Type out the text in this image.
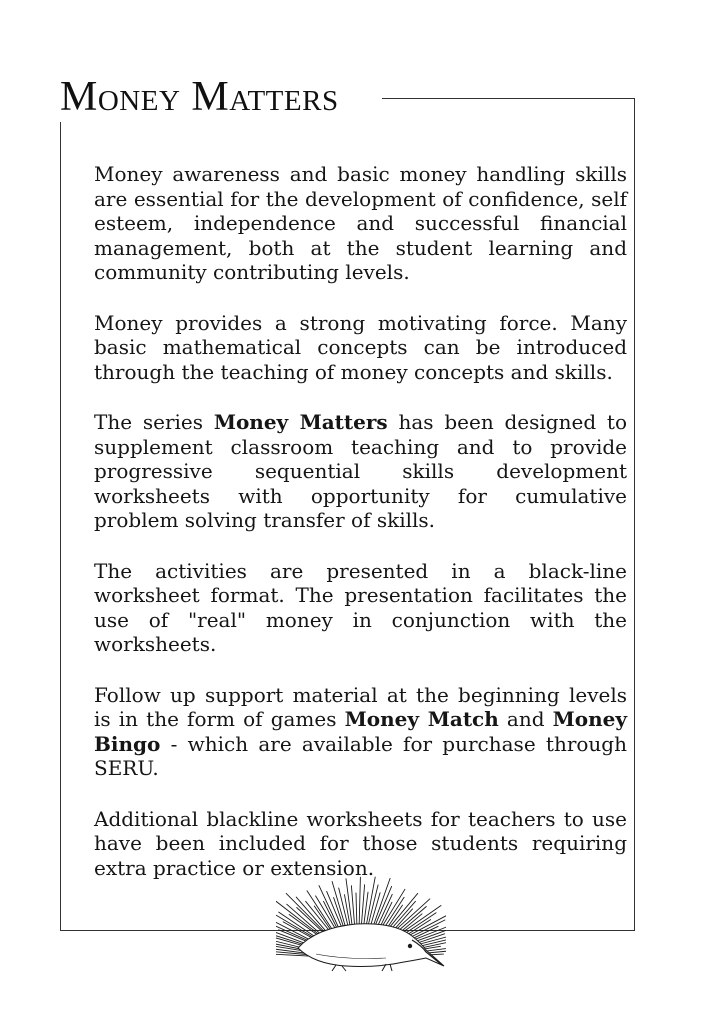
Money Matters

Money awareness and basic money handling skills are essential for the development of confidence, self esteem, independence and successful financial management, both at the student learning and community contributing levels.

Money provides a strong motivating force. Many basic mathematical concepts can be introduced through the teaching of money concepts and skills.

The series Money Matters has been designed to supplement classroom teaching and to provide progressive sequential skills development worksheets with opportunity for cumulative problem solving transfer of skills.

The activities are presented in a black-line worksheet format. The presentation facilitates the use of "real" money in conjunction with the worksheets.

Follow up support material at the beginning levels is in the form of games Money Match and Money Bingo - which are available for purchase through SERU.

Additional blackline worksheets for teachers to use have been included for those students requiring extra practice or extension.
